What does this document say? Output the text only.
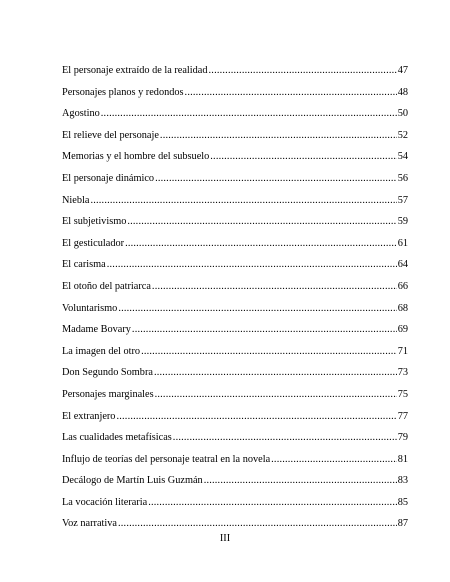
El personaje extraído de la realidad .....	47
Personajes planos y redondos .....	48
Agostino .....	50
El relieve del personaje .....	52
Memorias y el hombre del subsuelo .....	54
El personaje dinámico .....	56
Niebla .....	57
El subjetivismo .....	59
El gesticulador .....	61
El carisma .....	64
El otoño del patriarca .....	66
Voluntarismo .....	68
Madame Bovary .....	69
La imagen del otro .....	71
Don Segundo Sombra .....	73
Personajes marginales .....	75
El extranjero .....	77
Las cualidades metafísicas .....	79
Influjo de teorías del personaje teatral en la novela .....	81
Decálogo de Martín Luis Guzmán .....	83
La vocación literaria .....	85
Voz narrativa .....	87
III
